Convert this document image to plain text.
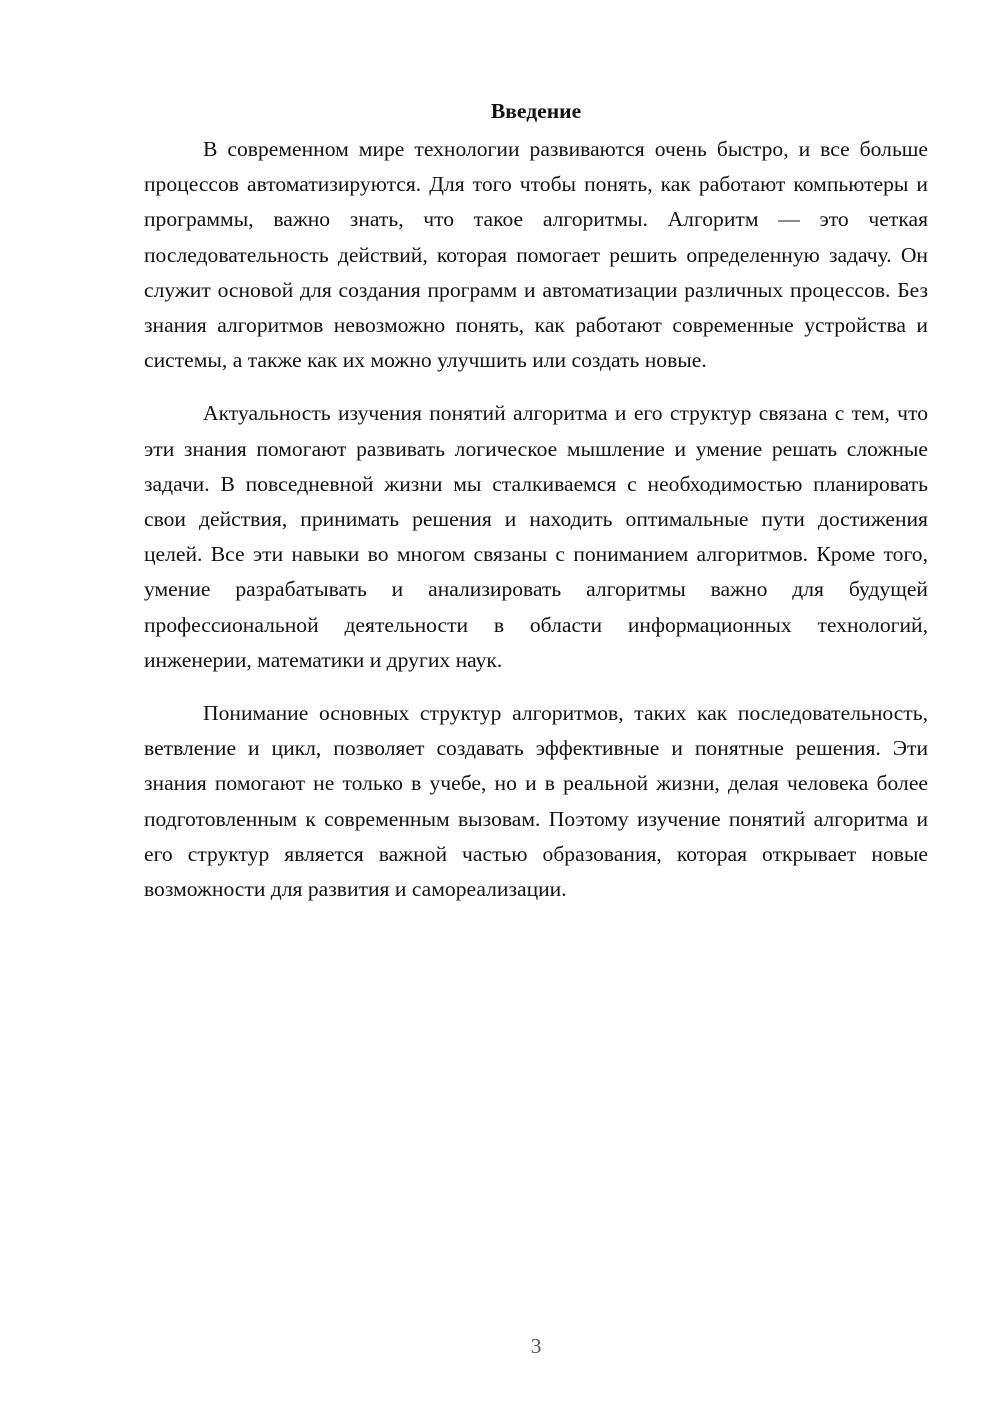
Введение

В современном мире технологии развиваются очень быстро, и все больше процессов автоматизируются. Для того чтобы понять, как работают компьютеры и программы, важно знать, что такое алгоритмы. Алгоритм — это четкая последовательность действий, которая помогает решить определенную задачу. Он служит основой для создания программ и автоматизации различных процессов. Без знания алгоритмов невозможно понять, как работают современные устройства и системы, а также как их можно улучшить или создать новые.

Актуальность изучения понятий алгоритма и его структур связана с тем, что эти знания помогают развивать логическое мышление и умение решать сложные задачи. В повседневной жизни мы сталкиваемся с необходимостью планировать свои действия, принимать решения и находить оптимальные пути достижения целей. Все эти навыки во многом связаны с пониманием алгоритмов. Кроме того, умение разрабатывать и анализировать алгоритмы важно для будущей профессиональной деятельности в области информационных технологий, инженерии, математики и других наук.

Понимание основных структур алгоритмов, таких как последовательность, ветвление и цикл, позволяет создавать эффективные и понятные решения. Эти знания помогают не только в учебе, но и в реальной жизни, делая человека более подготовленным к современным вызовам. Поэтому изучение понятий алгоритма и его структур является важной частью образования, которая открывает новые возможности для развития и самореализации.

3
